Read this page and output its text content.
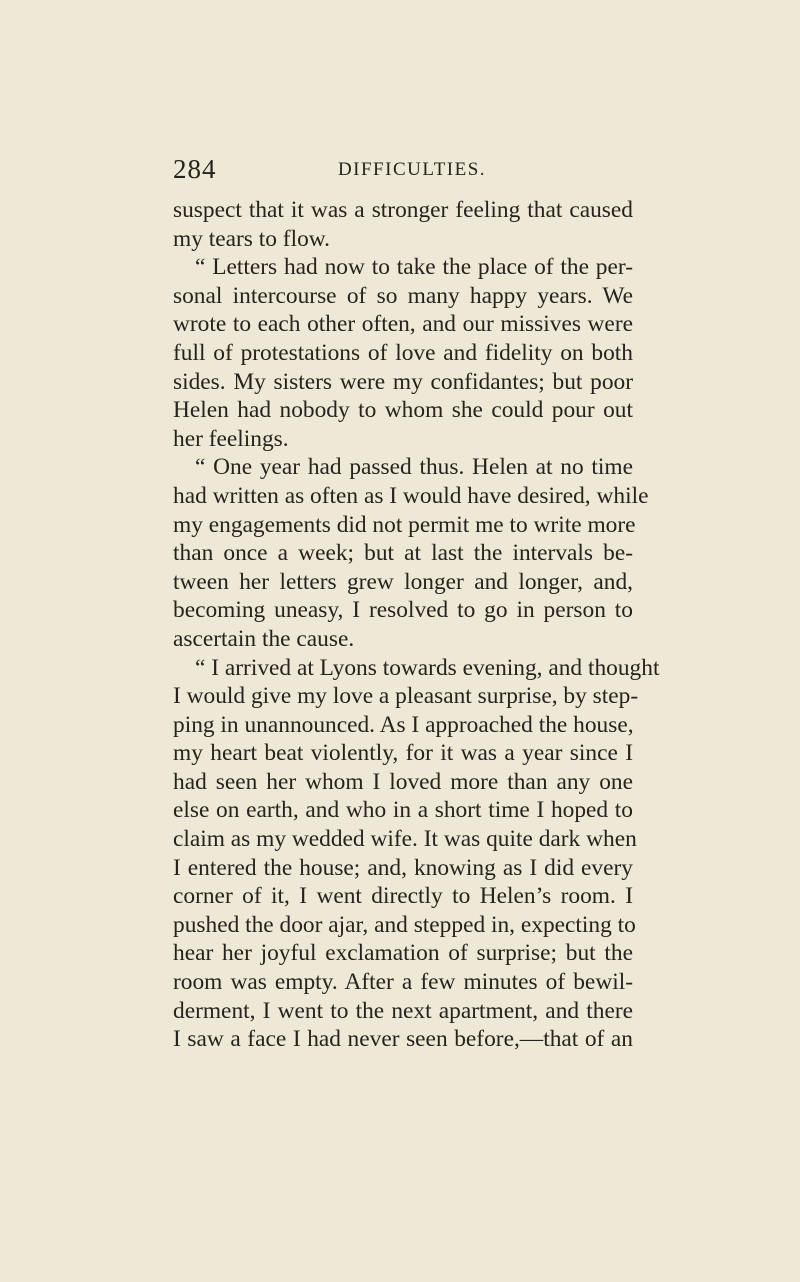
284	DIFFICULTIES.
suspect that it was a stronger feeling that caused
my tears to flow.
“ Letters had now to take the place of the per-
sonal intercourse of so many happy years. We
wrote to each other often, and our missives were
full of protestations of love and fidelity on both
sides. My sisters were my confidantes; but poor
Helen had nobody to whom she could pour out
her feelings.
“ One year had passed thus. Helen at no time
had written as often as I would have desired, while
my engagements did not permit me to write more
than once a week; but at last the intervals be-
tween her letters grew longer and longer, and,
becoming uneasy, I resolved to go in person to
ascertain the cause.
“ I arrived at Lyons towards evening, and thought
I would give my love a pleasant surprise, by step-
ping in unannounced. As I approached the house,
my heart beat violently, for it was a year since I
had seen her whom I loved more than any one
else on earth, and who in a short time I hoped to
claim as my wedded wife. It was quite dark when
I entered the house; and, knowing as I did every
corner of it, I went directly to Helen’s room. I
pushed the door ajar, and stepped in, expecting to
hear her joyful exclamation of surprise; but the
room was empty. After a few minutes of bewil-
derment, I went to the next apartment, and there
I saw a face I had never seen before,—that of an
